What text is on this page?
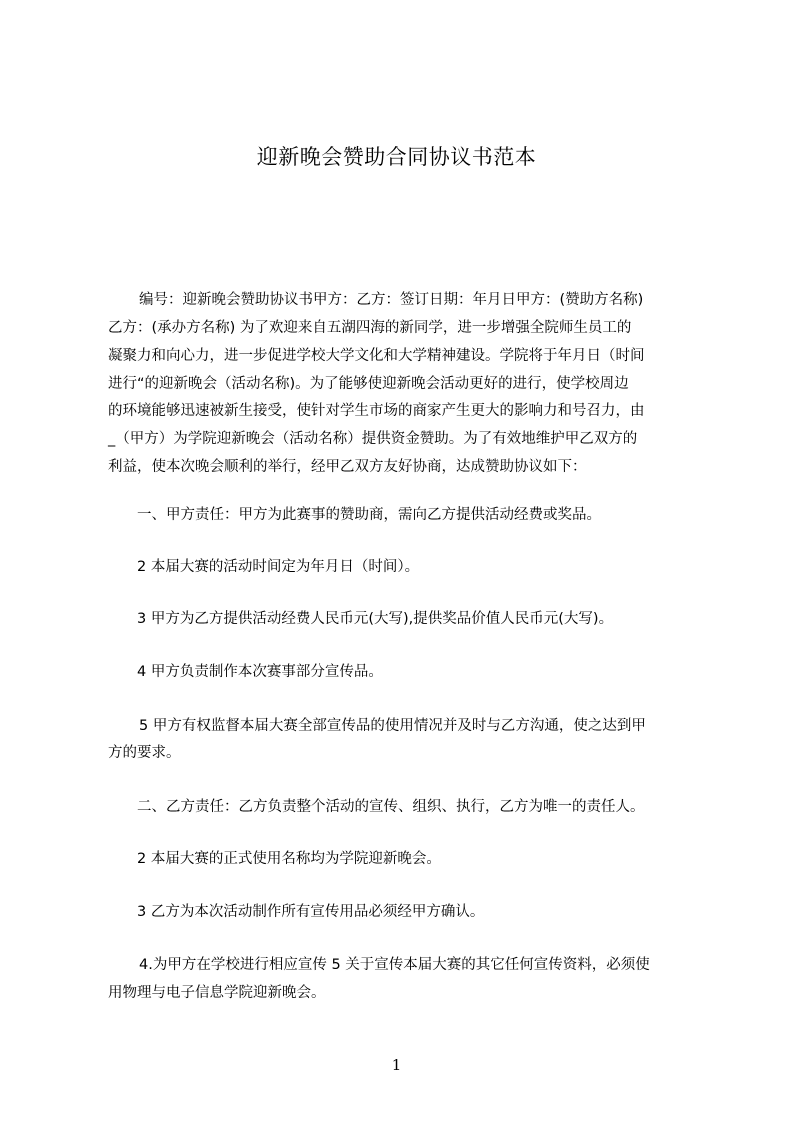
迎新晚会赞助合同协议书范本
编号：迎新晚会赞助协议书甲方：乙方：签订日期：年月日甲方：(赞助方名称)
乙方：(承办方名称) 为了欢迎来自五湖四海的新同学，进一步增强全院师生员工的
凝聚力和向心力，进一步促进学校大学文化和大学精神建设。学院将于年月日（时间
进行“的迎新晚会（活动名称)。为了能够使迎新晚会活动更好的进行，使学校周边
的环境能够迅速被新生接受，使针对学生市场的商家产生更大的影响力和号召力，由
_（甲方）为学院迎新晚会（活动名称）提供资金赞助。为了有效地维护甲乙双方的
利益，使本次晚会顺利的举行，经甲乙双方友好协商，达成赞助协议如下：
一、甲方责任：甲方为此赛事的赞助商，需向乙方提供活动经费或奖品。
2 本届大赛的活动时间定为年月日（时间）。
3 甲方为乙方提供活动经费人民币元(大写),提供奖品价值人民币元(大写)。
4 甲方负责制作本次赛事部分宣传品。
5 甲方有权监督本届大赛全部宣传品的使用情况并及时与乙方沟通，使之达到甲
方的要求。
二、乙方责任：乙方负责整个活动的宣传、组织、执行，乙方为唯一的责任人。
2 本届大赛的正式使用名称均为学院迎新晚会。
3 乙方为本次活动制作所有宣传用品必须经甲方确认。
4.为甲方在学校进行相应宣传 5 关于宣传本届大赛的其它任何宣传资料，必须使
用物理与电子信息学院迎新晚会。
1
